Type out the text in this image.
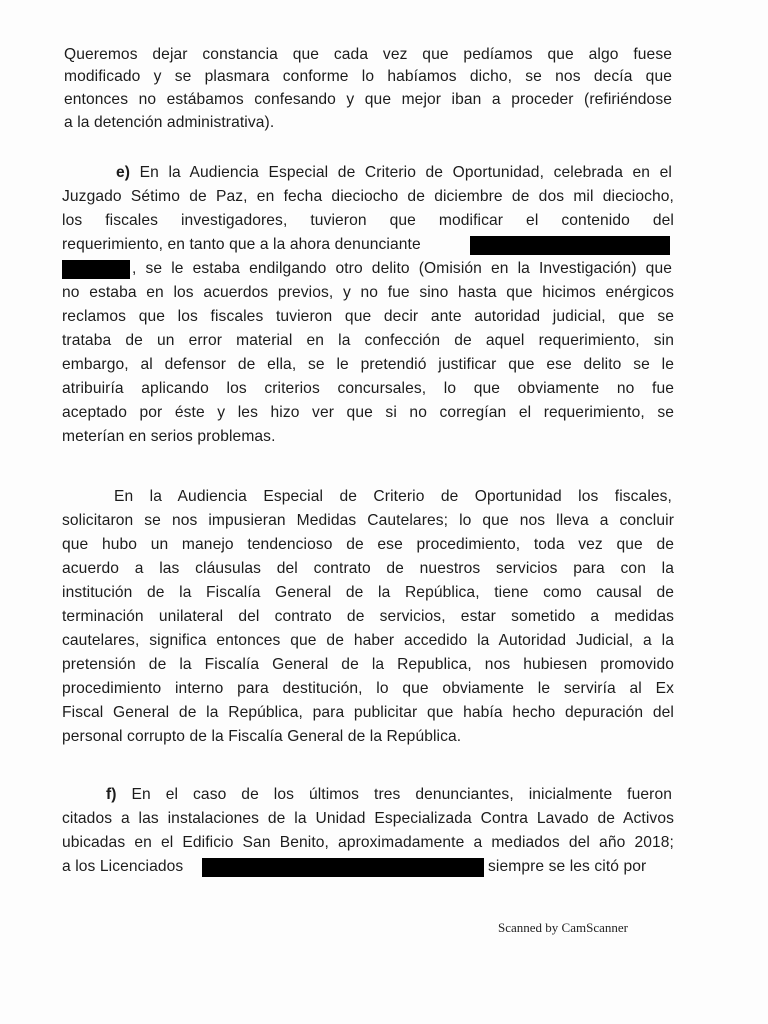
Queremos dejar constancia que cada vez que pedíamos que algo fuese
modificado y se plasmara conforme lo habíamos dicho, se nos decía que
entonces no estábamos confesando y que mejor iban a proceder (refiriéndose
a la detención administrativa).
e) En la Audiencia Especial de Criterio de Oportunidad, celebrada en el
Juzgado Sétimo de Paz, en fecha dieciocho de diciembre de dos mil dieciocho,
los fiscales investigadores, tuvieron que modificar el contenido del
requerimiento, en tanto que a la ahora denunciante
, se le estaba endilgando otro delito (Omisión en la Investigación) que
no estaba en los acuerdos previos, y no fue sino hasta que hicimos enérgicos
reclamos que los fiscales tuvieron que decir ante autoridad judicial, que se
trataba de un error material en la confección de aquel requerimiento, sin
embargo, al defensor de ella, se le pretendió justificar que ese delito se le
atribuiría aplicando los criterios concursales, lo que obviamente no fue
aceptado por éste y les hizo ver que si no corregían el requerimiento, se
meterían en serios problemas.
En la Audiencia Especial de Criterio de Oportunidad los fiscales,
solicitaron se nos impusieran Medidas Cautelares; lo que nos lleva a concluir
que hubo un manejo tendencioso de ese procedimiento, toda vez que de
acuerdo a las cláusulas del contrato de nuestros servicios para con la
institución de la Fiscalía General de la República, tiene como causal de
terminación unilateral del contrato de servicios, estar sometido a medidas
cautelares, significa entonces que de haber accedido la Autoridad Judicial, a la
pretensión de la Fiscalía General de la Republica, nos hubiesen promovido
procedimiento interno para destitución, lo que obviamente le serviría al Ex
Fiscal General de la República, para publicitar que había hecho depuración del
personal corrupto de la Fiscalía General de la República.
f) En el caso de los últimos tres denunciantes, inicialmente fueron
citados a las instalaciones de la Unidad Especializada Contra Lavado de Activos
ubicadas en el Edificio San Benito, aproximadamente a mediados del año 2018;
a los Licenciados	siempre se les citó por
Scanned by CamScanner
